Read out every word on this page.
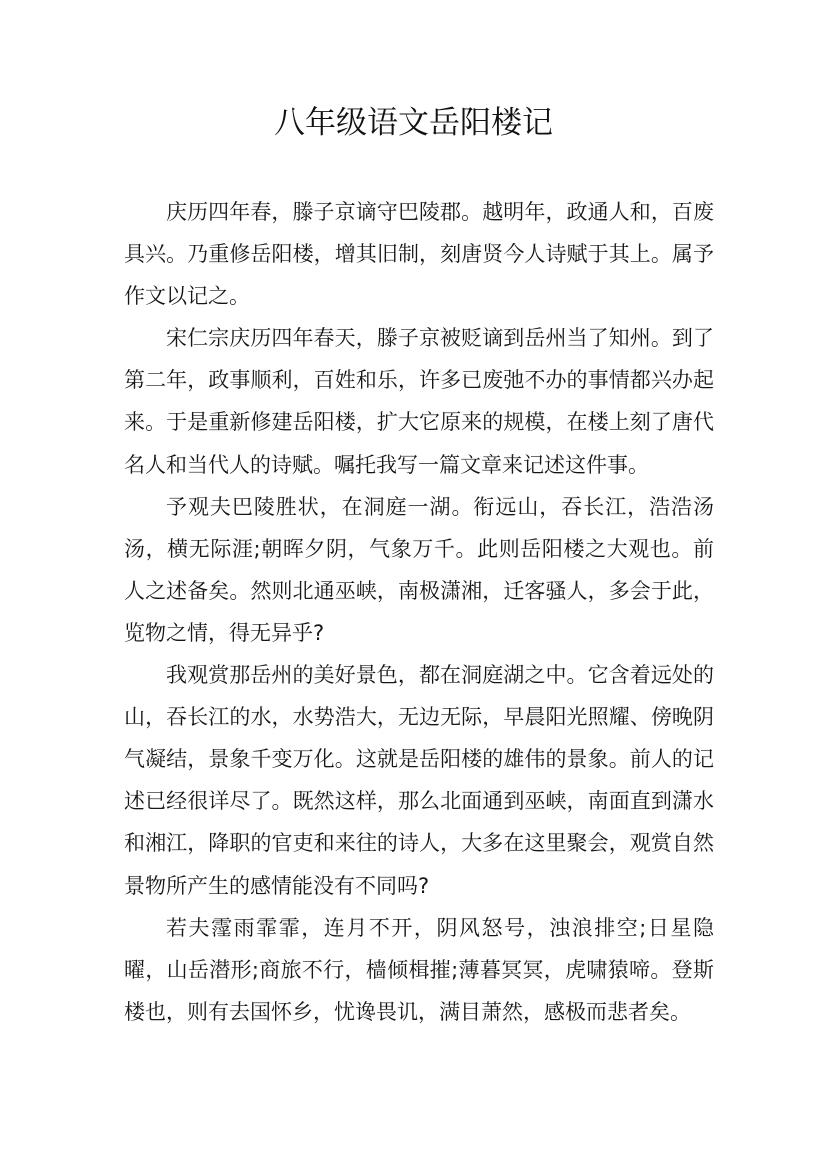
八年级语文岳阳楼记

庆历四年春，滕子京谪守巴陵郡。越明年，政通人和，百废具兴。乃重修岳阳楼，增其旧制，刻唐贤今人诗赋于其上。属予作文以记之。

宋仁宗庆历四年春天，滕子京被贬谪到岳州当了知州。到了第二年，政事顺利，百姓和乐，许多已废弛不办的事情都兴办起来。于是重新修建岳阳楼，扩大它原来的规模，在楼上刻了唐代名人和当代人的诗赋。嘱托我写一篇文章来记述这件事。

予观夫巴陵胜状，在洞庭一湖。衔远山，吞长江，浩浩汤汤，横无际涯;朝晖夕阴，气象万千。此则岳阳楼之大观也。前人之述备矣。然则北通巫峡，南极潇湘，迁客骚人，多会于此，览物之情，得无异乎?

我观赏那岳州的美好景色，都在洞庭湖之中。它含着远处的山，吞长江的水，水势浩大，无边无际，早晨阳光照耀、傍晚阴气凝结，景象千变万化。这就是岳阳楼的雄伟的景象。前人的记述已经很详尽了。既然这样，那么北面通到巫峡，南面直到潇水和湘江，降职的官吏和来往的诗人，大多在这里聚会，观赏自然景物所产生的感情能没有不同吗?

若夫霪雨霏霏，连月不开，阴风怒号，浊浪排空;日星隐曜，山岳潜形;商旅不行，樯倾楫摧;薄暮冥冥，虎啸猿啼。登斯楼也，则有去国怀乡，忧谗畏讥，满目萧然，感极而悲者矣。
